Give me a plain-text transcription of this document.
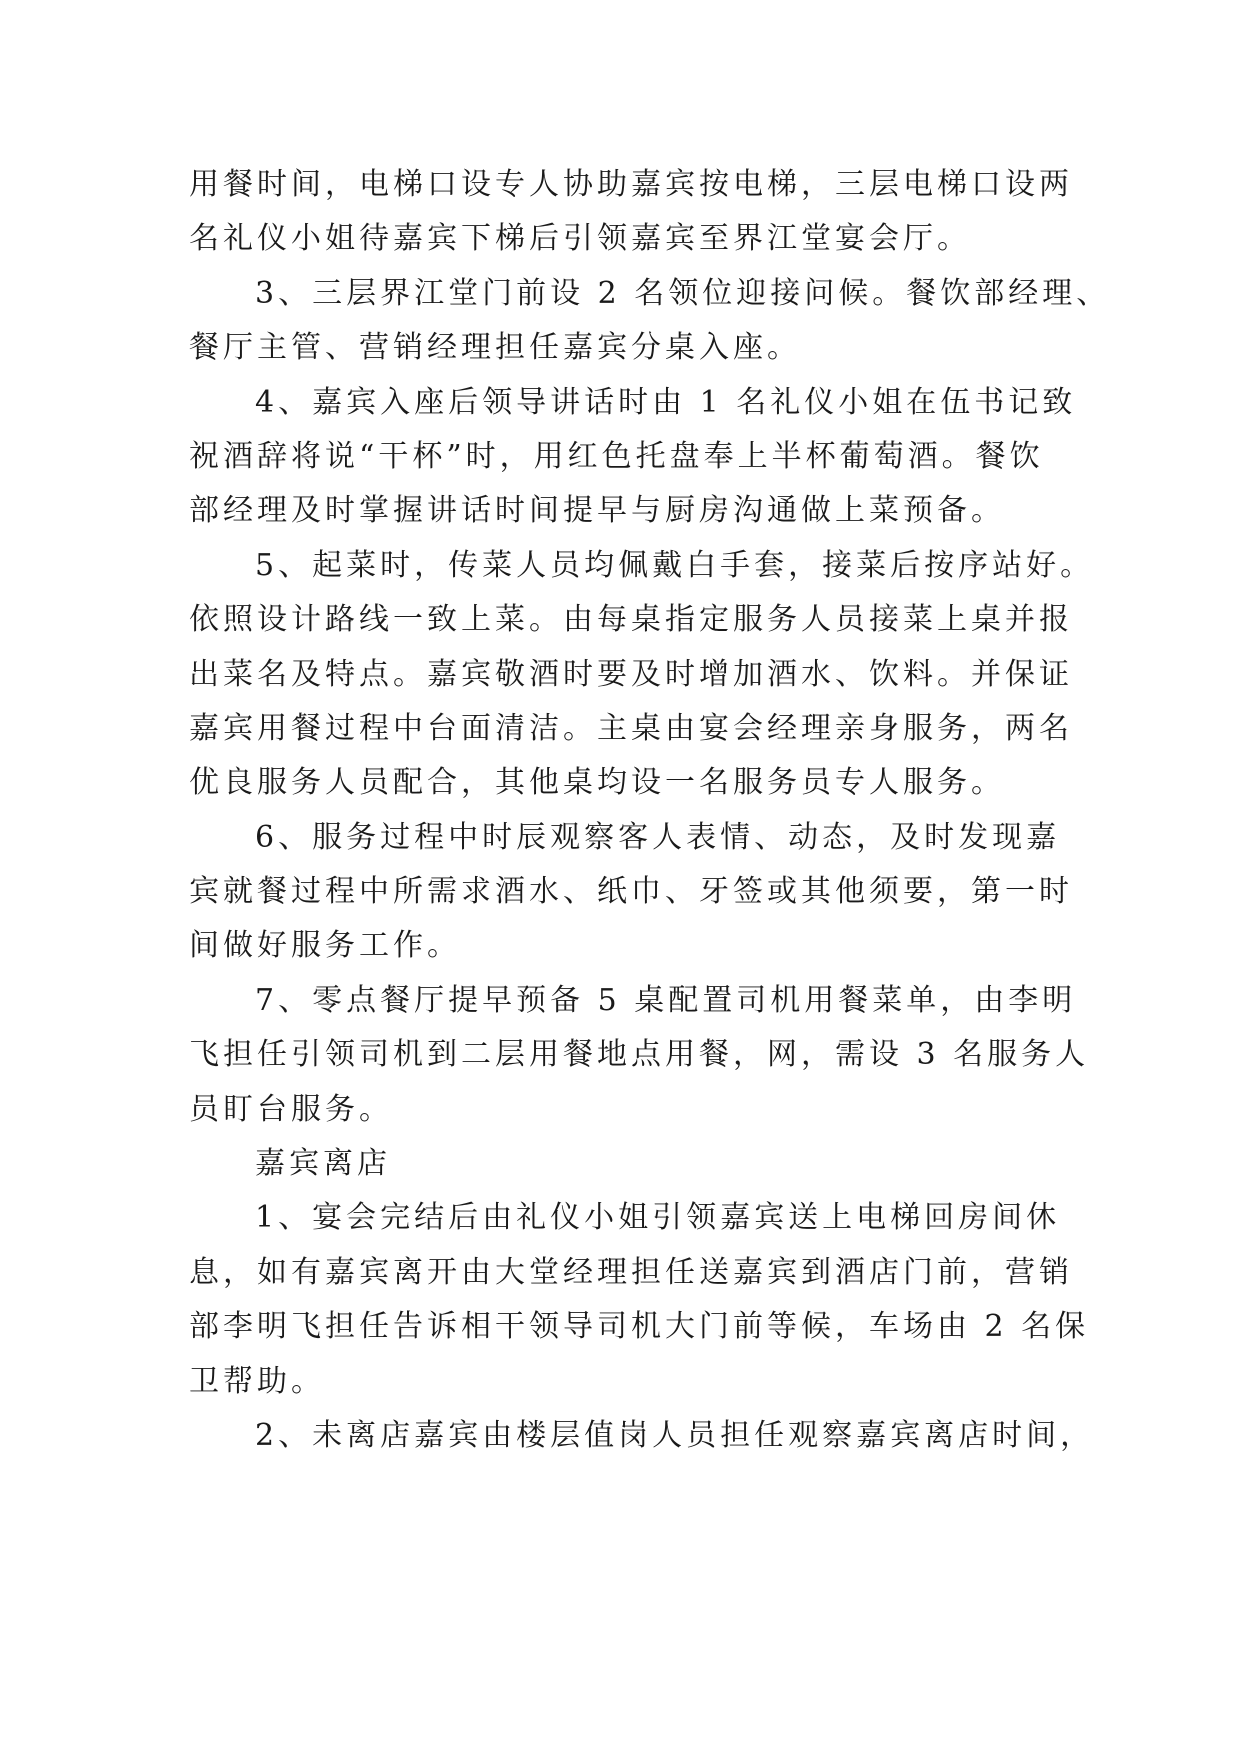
用餐时间，电梯口设专人协助嘉宾按电梯，三层电梯口设两
名礼仪小姐待嘉宾下梯后引领嘉宾至界江堂宴会厅。
3、三层界江堂门前设 2 名领位迎接问候。餐饮部经理、
餐厅主管、营销经理担任嘉宾分桌入座。
4、嘉宾入座后领导讲话时由 1 名礼仪小姐在伍书记致
祝酒辞将说“干杯”时，用红色托盘奉上半杯葡萄酒。餐饮
部经理及时掌握讲话时间提早与厨房沟通做上菜预备。
5、起菜时，传菜人员均佩戴白手套，接菜后按序站好。
依照设计路线一致上菜。由每桌指定服务人员接菜上桌并报
出菜名及特点。嘉宾敬酒时要及时增加酒水、饮料。并保证
嘉宾用餐过程中台面清洁。主桌由宴会经理亲身服务，两名
优良服务人员配合，其他桌均设一名服务员专人服务。
6、服务过程中时辰观察客人表情、动态，及时发现嘉
宾就餐过程中所需求酒水、纸巾、牙签或其他须要，第一时
间做好服务工作。
7、零点餐厅提早预备 5 桌配置司机用餐菜单，由李明
飞担任引领司机到二层用餐地点用餐，网，需设 3 名服务人
员盯台服务。
嘉宾离店
1、宴会完结后由礼仪小姐引领嘉宾送上电梯回房间休
息，如有嘉宾离开由大堂经理担任送嘉宾到酒店门前，营销
部李明飞担任告诉相干领导司机大门前等候，车场由 2 名保
卫帮助。
2、未离店嘉宾由楼层值岗人员担任观察嘉宾离店时间，
